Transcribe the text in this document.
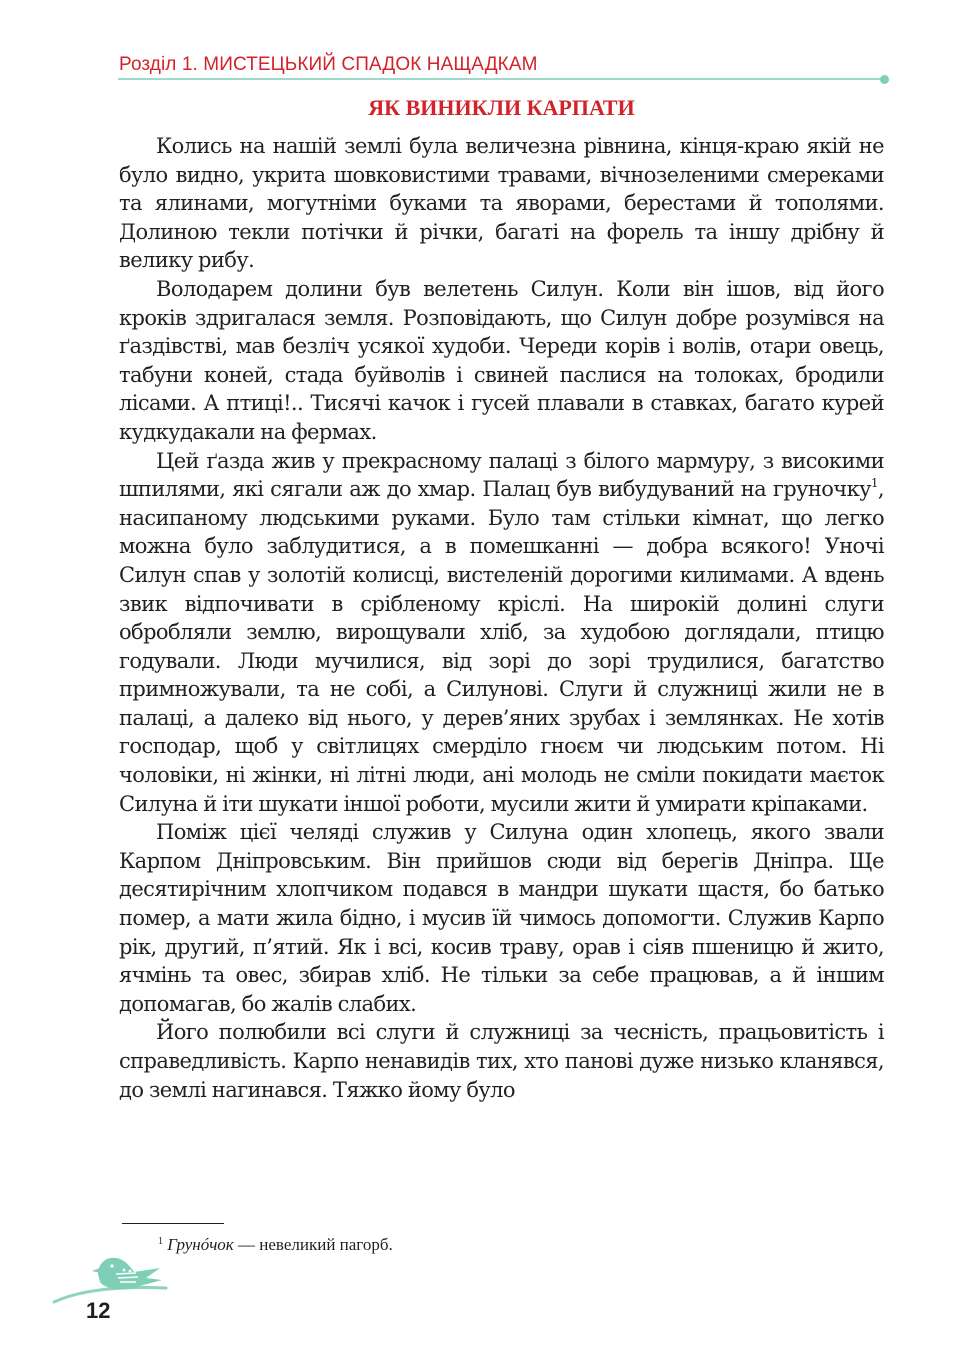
Розділ 1. МИСТЕЦЬКИЙ СПАДОК НАЩАДКАМ
ЯК ВИНИКЛИ КАРПАТИ

Колись на нашій землі була величезна рівнина, кінця-краю якій не було видно, укрита шовковистими травами, вічнозеленими смереками та ялинами, могутніми буками та яворами, берестами й тополями. Долиною текли потічки й річки, багаті на форель та іншу дрібну й велику рибу.

Володарем долини був велетень Силун. Коли він ішов, від його кроків здригалася земля. Розповідають, що Силун добре розумівся на ґаздівстві, мав безліч усякої худоби. Череди корів і волів, отари овець, табуни коней, стада буйволів і свиней паслися на толоках, бродили лісами. А птиці!.. Тисячі качок і гусей плавали в ставках, багато курей кудкудакали на фермах.

Цей ґазда жив у прекрасному палаці з білого мармуру, з високими шпилями, які сягали аж до хмар. Палац був вибудуваний на груночку$^1$, насипаному людськими руками. Було там стільки кімнат, що легко можна було заблудитися, а в помешканні — добра всякого! Уночі Силун спав у золотій колисці, вистеленій дорогими килимами. А вдень звик відпочивати в срібленому кріслі. На широкій долині слуги обробляли землю, вирощували хліб, за худобою доглядали, птицю годували. Люди мучилися, від зорі до зорі трудилися, багатство примножували, та не собі, а Силунові. Слуги й служниці жили не в палаці, а далеко від нього, у дерев’яних зрубах і землянках. Не хотів господар, щоб у світлицях смерділо гноєм чи людським потом. Ні чоловіки, ні жінки, ні літні люди, ані молодь не сміли покидати маєток Силуна й іти шукати іншої роботи, мусили жити й умирати кріпаками.

Поміж цієї челяді служив у Силуна один хлопець, якого звали Карпом Дніпровським. Він прийшов сюди від берегів Дніпра. Ще десятирічним хлопчиком подався в мандри шукати щастя, бо батько помер, а мати жила бідно, і мусив їй чимось допомогти. Служив Карпо рік, другий, п’ятий. Як і всі, косив траву, орав і сіяв пшеницю й жито, ячмінь та овес, збирав хліб. Не тільки за себе працював, а й іншим допомагав, бо жалів слабих.

Його полюбили всі слуги й служниці за чесність, працьовитість і справедливість. Карпо ненавидів тих, хто панові дуже низько кланявся, до землі нагинався. Тяжко йому було

$^1$ Грунóчок — невеликий пагорб.
12
